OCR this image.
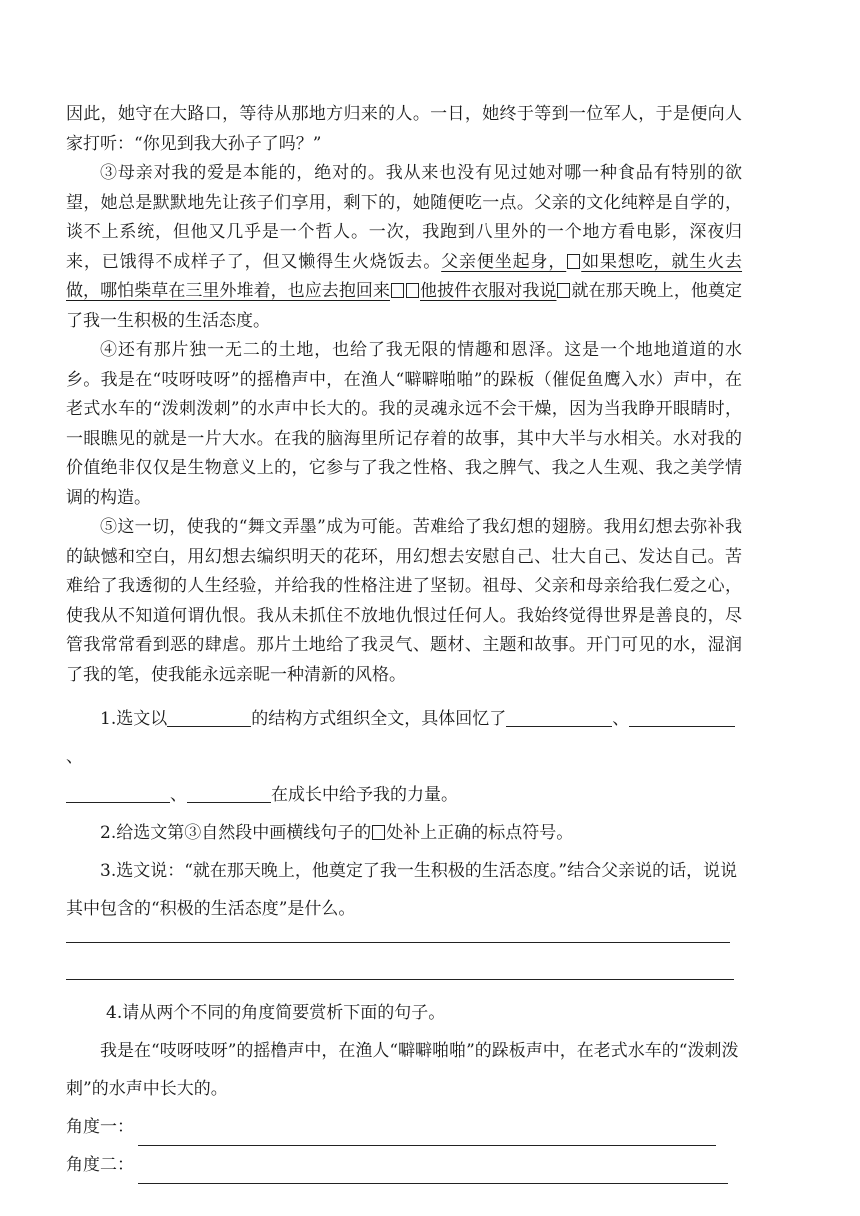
因此，她守在大路口，等待从那地方归来的人。一日，她终于等到一位军人，于是便向人家打听：“你见到我大孙子了吗？”

③母亲对我的爱是本能的，绝对的。我从来也没有见过她对哪一种食品有特别的欲望，她总是默默地先让孩子们享用，剩下的，她随便吃一点。父亲的文化纯粹是自学的，谈不上系统，但他又几乎是一个哲人。一次，我跑到八里外的一个地方看电影，深夜归来，已饿得不成样子了，但又懒得生火烧饭去。父亲便坐起身， 如果想吃，就生火去做，哪怕柴草在三里外堆着，也应去抱回来 他披件衣服对我说 就在那天晚上，他奠定了我一生积极的生活态度。

④还有那片独一无二的土地，也给了我无限的情趣和恩泽。这是一个地地道道的水乡。我是在“吱呀吱呀”的摇橹声中，在渔人“噼噼啪啪”的跺板（催促鱼鹰入水）声中，在老式水车的“泼刺泼刺”的水声中长大的。我的灵魂永远不会干燥，因为当我睁开眼睛时，一眼瞧见的就是一片大水。在我的脑海里所记存着的故事，其中大半与水相关。水对我的价值绝非仅仅是生物意义上的，它参与了我之性格、我之脾气、我之人生观、我之美学情调的构造。

⑤这一切，使我的“舞文弄墨”成为可能。苦难给了我幻想的翅膀。我用幻想去弥补我的缺憾和空白，用幻想去编织明天的花环，用幻想去安慰自己、壮大自己、发达自己。苦难给了我透彻的人生经验，并给我的性格注进了坚韧。祖母、父亲和母亲给我仁爱之心，使我从不知道何谓仇恨。我从未抓住不放地仇恨过任何人。我始终觉得世界是善良的，尽管我常常看到恶的肆虐。那片土地给了我灵气、题材、主题和故事。开门可见的水，湿润了我的笔，使我能永远亲昵一种清新的风格。

1.选文以	的结构方式组织全文，具体回忆了	、、

、	在成长中给予我的力量。

2.给选文第③自然段中画横线句子的 处补上正确的标点符号。

3.选文说：“就在那天晚上，他奠定了我一生积极的生活态度。”结合父亲说的话，说说其中包含的“积极的生活态度”是什么。

4.请从两个不同的角度简要赏析下面的句子。

我是在“吱呀吱呀”的摇橹声中，在渔人“噼噼啪啪”的跺板声中，在老式水车的“泼刺泼刺”的水声中长大的。

角度一：
角度二：
